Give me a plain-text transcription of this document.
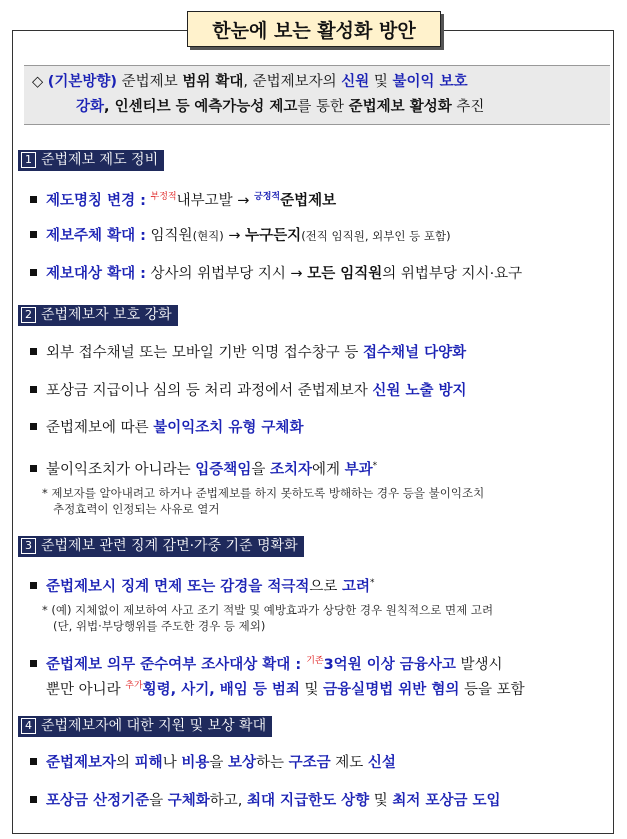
한눈에 보는 활성화 방안
◇ (기본방향) 준법제보 범위 확대, 준법제보자의 신원 및 불이익 보호
강화, 인센티브 등 예측가능성 제고를 통한 준법제보 활성화 추진
1 준법제보 제도 정비
제도명칭 변경 : $^{부정적}$내부고발 → $^{긍정적}$준법제보
제보주체 확대 : 임직원(현직) → 누구든지(전직 임직원, 외부인 등 포함)
제보대상 확대 : 상사의 위법부당 지시 → 모든 임직원의 위법부당 지시·요구
2 준법제보자 보호 강화
외부 접수채널 또는 모바일 기반 익명 접수창구 등 접수채널 다양화
포상금 지급이나 심의 등 처리 과정에서 준법제보자 신원 노출 방지
준법제보에 따른 불이익조치 유형 구체화
불이익조치가 아니라는 입증책임을 조치자에게 부과*
* 제보자를 알아내려고 하거나 준법제보를 하지 못하도록 방해하는 경우 등을 불이익조치
추정효력이 인정되는 사유로 열거
3 준법제보 관련 징계 감면·가중 기준 명확화
준법제보시 징계 면제 또는 감경을 적극적으로 고려*
* (예) 지체없이 제보하여 사고 조기 적발 및 예방효과가 상당한 경우 원칙적으로 면제 고려
(단, 위법·부당행위를 주도한 경우 등 제외)
준법제보 의무 준수여부 조사대상 확대 : $^{기존}$3억원 이상 금융사고 발생시
뿐만 아니라 $^{추가}$횡령, 사기, 배임 등 범죄 및 금융실명법 위반 혐의 등을 포함
4 준법제보자에 대한 지원 및 보상 확대
준법제보자의 피해나 비용을 보상하는 구조금 제도 신설
포상금 산정기준을 구체화하고, 최대 지급한도 상향 및 최저 포상금 도입
